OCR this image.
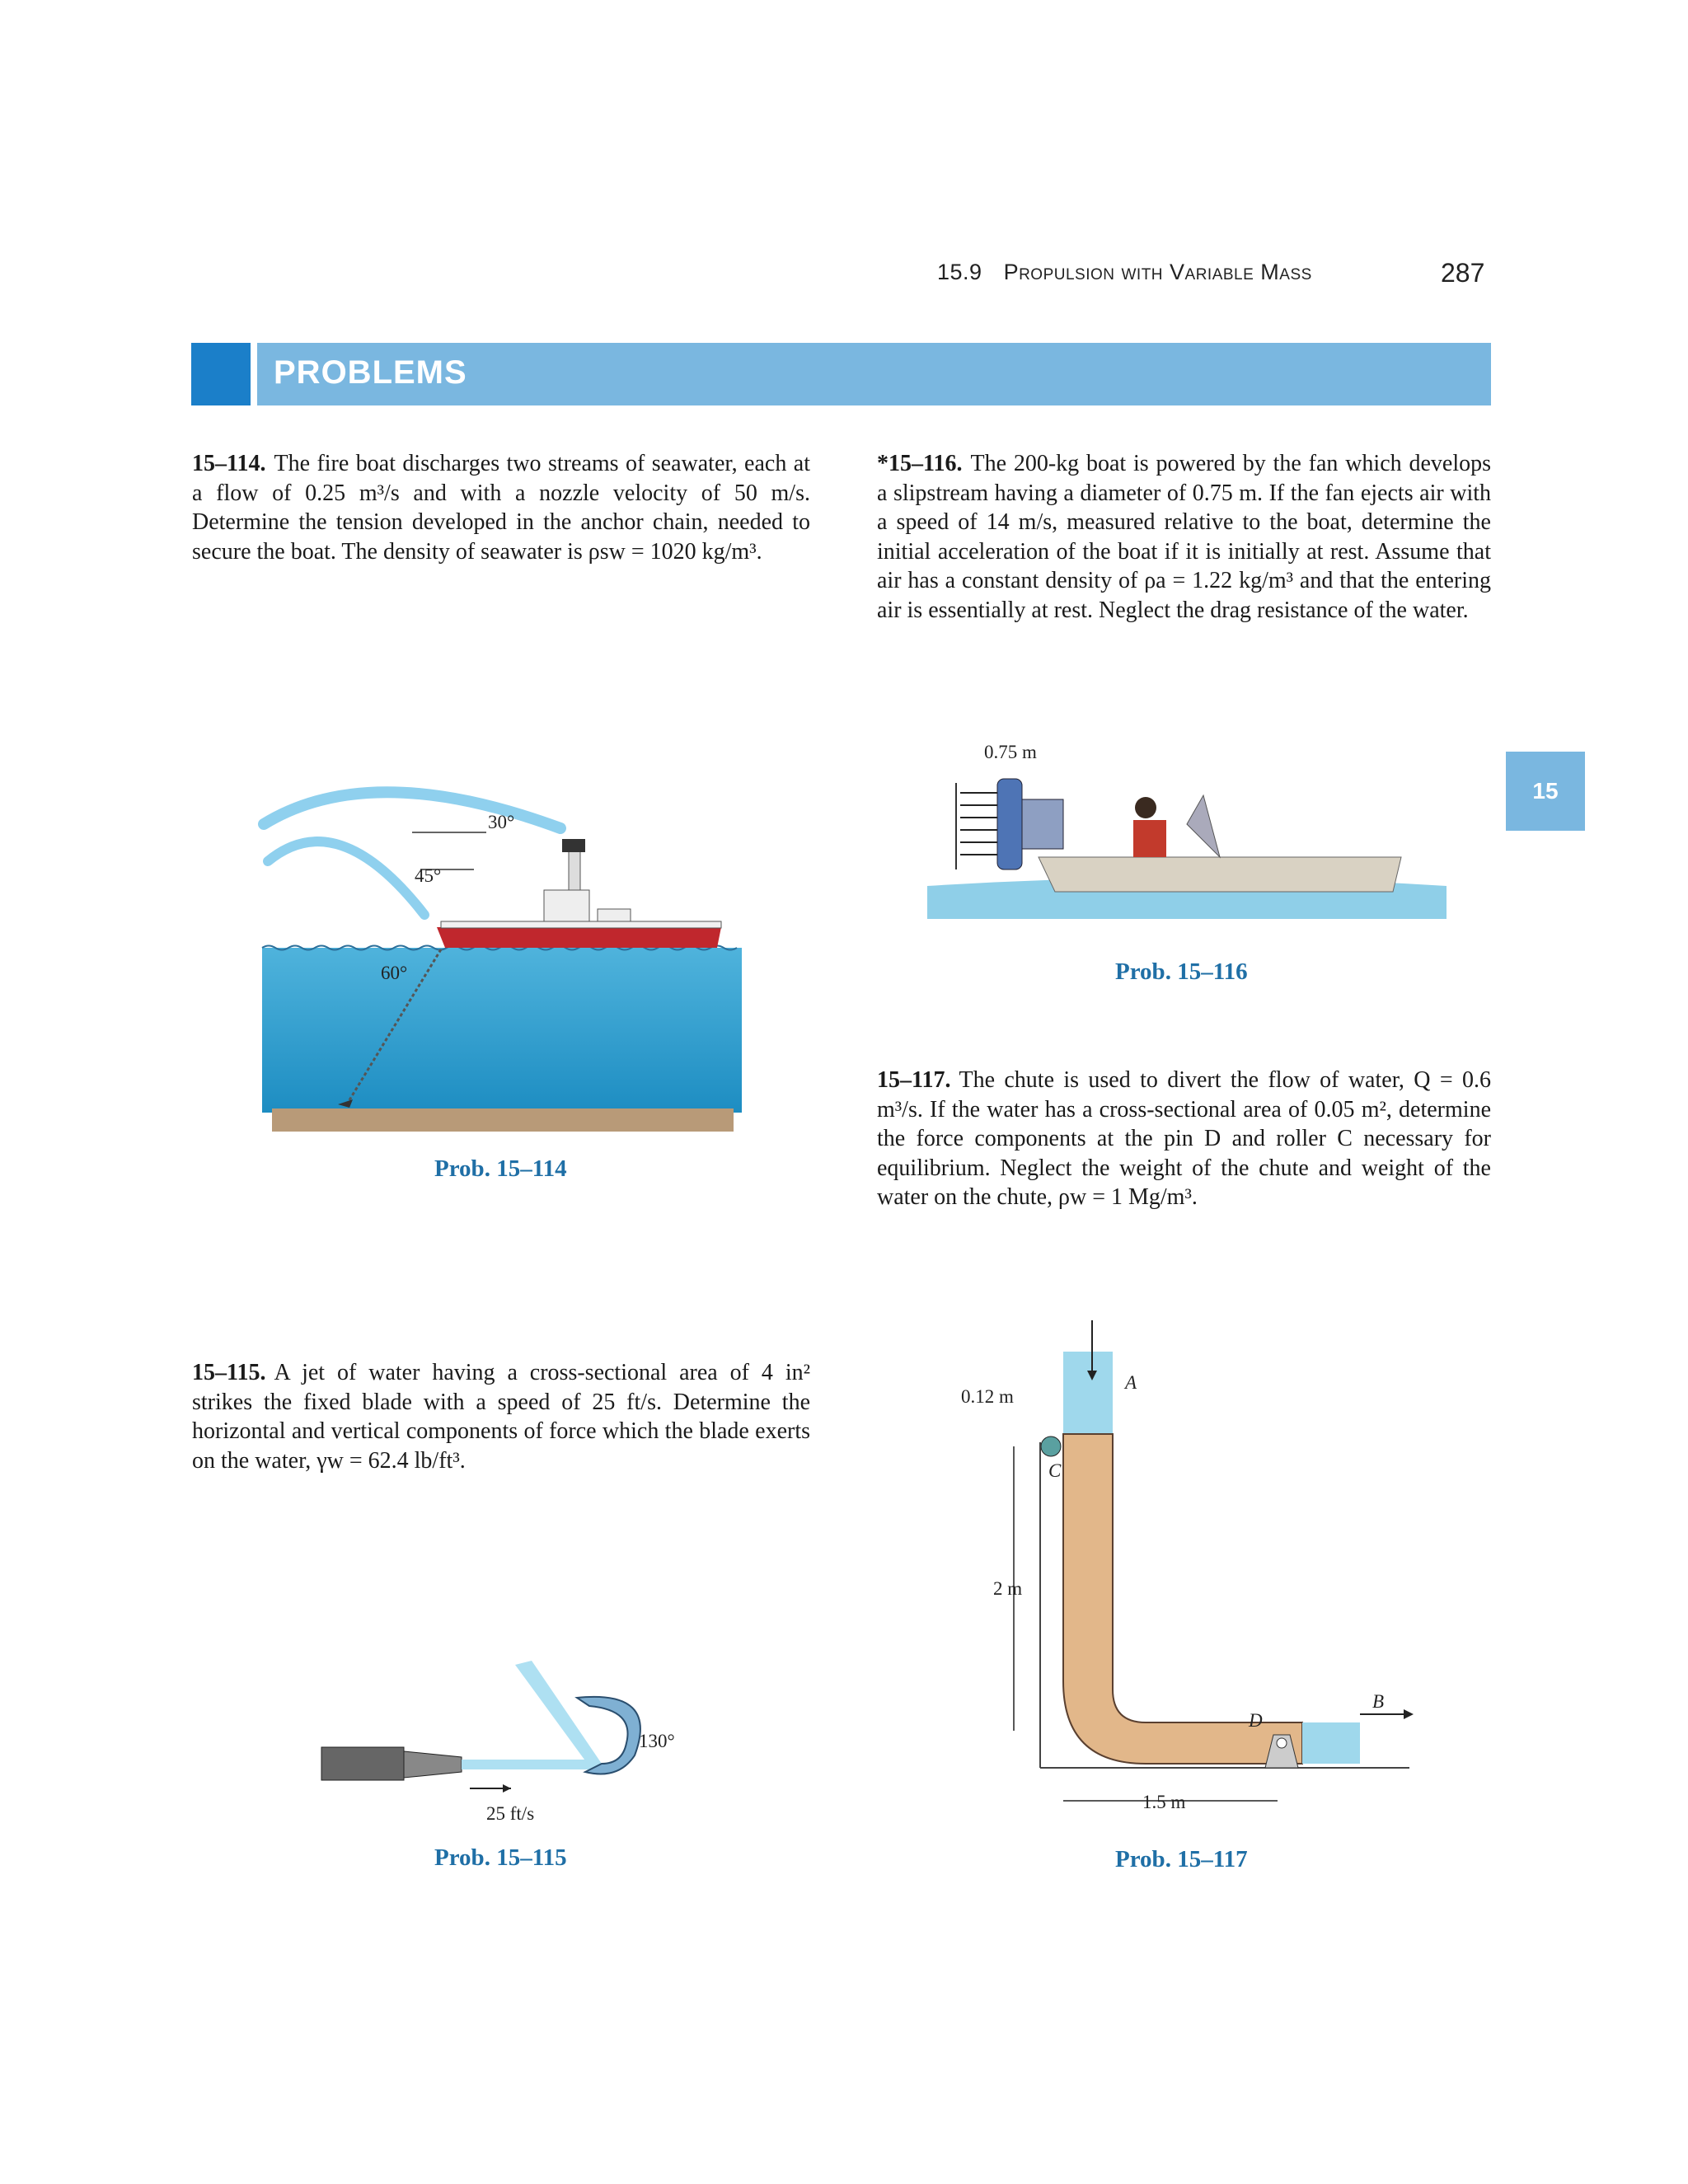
15.9 Propulsion with Variable Mass	287
PROBLEMS
15
15–114. The fire boat discharges two streams of seawater, each at a flow of 0.25 m³/s and with a nozzle velocity of 50 m/s. Determine the tension developed in the anchor chain, needed to secure the boat. The density of seawater is ρsw = 1020 kg/m³.
*15–116. The 200-kg boat is powered by the fan which develops a slipstream having a diameter of 0.75 m. If the fan ejects air with a speed of 14 m/s, measured relative to the boat, determine the initial acceleration of the boat if it is initially at rest. Assume that air has a constant density of ρa = 1.22 kg/m³ and that the entering air is essentially at rest. Neglect the drag resistance of the water.
30°
45°
60°
Prob. 15–114
0.75 m
Prob. 15–116
15–117. The chute is used to divert the flow of water, Q = 0.6 m³/s. If the water has a cross-sectional area of 0.05 m², determine the force components at the pin D and roller C necessary for equilibrium. Neglect the weight of the chute and weight of the water on the chute, ρw = 1 Mg/m³.
15–115. A jet of water having a cross-sectional area of 4 in² strikes the fixed blade with a speed of 25 ft/s. Determine the horizontal and vertical components of force which the blade exerts on the water, γw = 62.4 lb/ft³.
130°
25 ft/s
Prob. 15–115
0.12 m
2 m
1.5 m
A
C
D
B
Prob. 15–117
